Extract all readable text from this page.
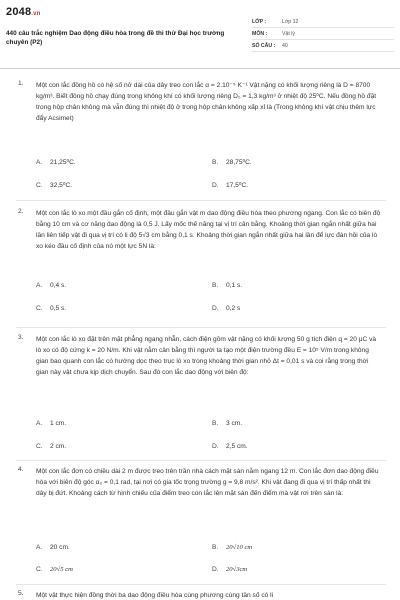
2048.vn
440 câu trắc nghiệm Dao động điều hòa trong đề thi thử Đại học trường chuyên (P2)
LỚP :	Lớp 12
MÔN :	Vật lý
SỐ CÂU :	40
1. Một con lắc đồng hồ có hệ số nở dài của dây treo con lắc α = 2.10⁻⁵ K⁻¹ Vật nặng có khối lượng riêng là D = 8700 kg/m³. Biết đồng hồ chạy đúng trong không khí có khối lượng riêng D₀ = 1,3 kg/m³ ở nhiệt độ 25⁰C. Nếu đồng hồ đặt trong hộp chân không mà vẫn đúng thì nhiệt độ ở trong hộp chân không xấp xỉ là (Trong không khí vật chịu thêm lực đẩy Acsimet)
A. 21,25⁰C.	B. 28,75⁰C.
C. 32,5⁰C.	D. 17,5⁰C.
2. Một con lắc lò xo một đầu gắn cố định, một đầu gắn vật m dao động điều hòa theo phương ngang. Con lắc có biên độ bằng 10 cm và cơ năng dao động là 0,5 J. Lấy mốc thế năng tại vị trí cân bằng. Khoảng thời gian ngắn nhất giữa hai lần liên tiếp vật đi qua vị trí có li độ 5√3 cm bằng 0,1 s. Khoảng thời gian ngắn nhất giữa hai lần để lực đàn hồi của lò xo kéo đầu cố định của nó một lực 5N là:
A. 0,4 s.	B. 0,1 s.
C. 0,5 s.	D. 0,2 s
3. Một con lắc lò xo đặt trên mặt phẳng ngang nhẵn, cách điện gồm vật nặng có khối lượng 50 g tích điện q = 20 μC và lò xo có độ cứng k = 20 N/m. Khi vật nằm cân bằng thì người ta tạo một điện trường đều E = 10⁵ V/m trong không gian bao quanh con lắc có hướng dọc theo trục lò xo trong khoảng thời gian nhỏ Δt = 0,01 s và coi rằng trong thời gian này vật chưa kịp dịch chuyển. Sau đó con lắc dao động với biên độ:
A. 1 cm.	B. 3 cm.
C. 2 cm.	D. 2,5 cm.
4. Một con lắc đơn có chiều dài 2 m được treo trên trần nhà cách mặt sàn nằm ngang 12 m. Con lắc đơn dao động điều hòa với biên độ góc α₀ = 0,1 rad, tại nơi có gia tốc trọng trường g = 9,8 m/s². Khi vật đang đi qua vị trí thấp nhất thì dây bị đứt. Khoảng cách từ hình chiếu của điểm treo con lắc lên mặt sàn đến điểm mà vật rơi trên sàn là:
A. 20 cm.	B. 20√10 cm
C. 20√5 cm	D. 20√3cm
5. Một vật thực hiện đồng thời ba dao động điều hòa cùng phương cùng tần số có li
